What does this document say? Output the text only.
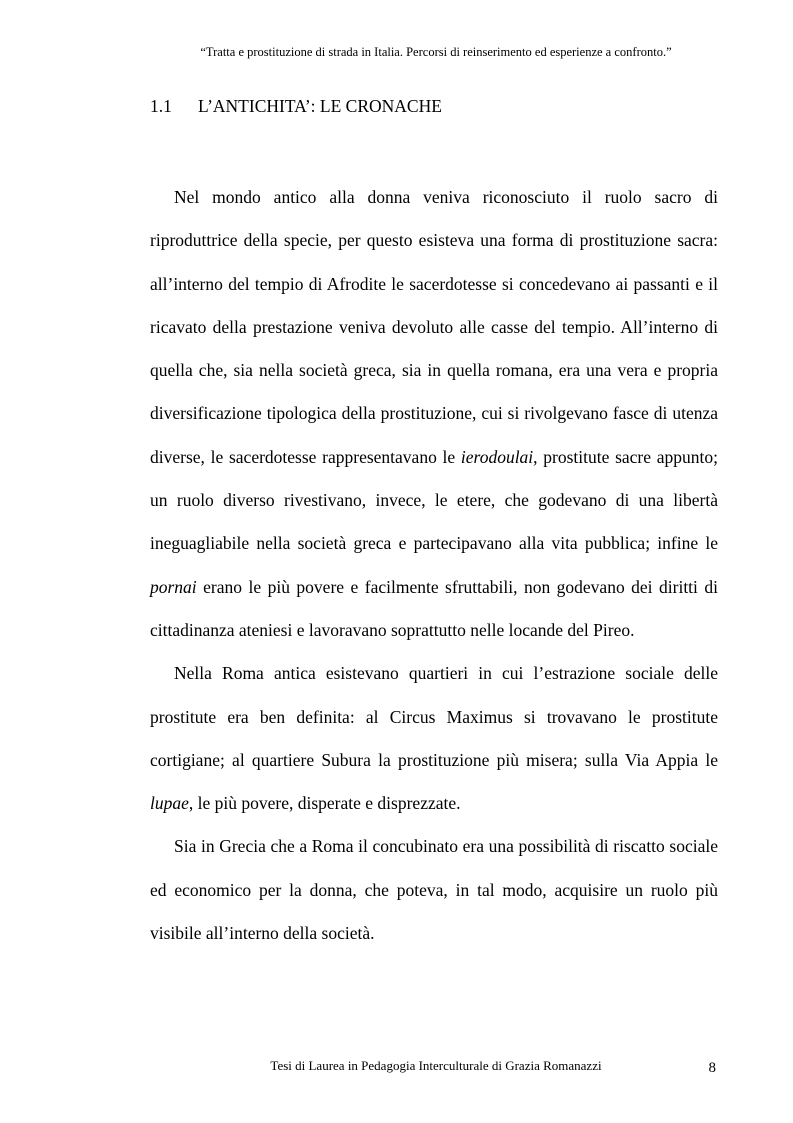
“Tratta e prostituzione di strada in Italia. Percorsi di reinserimento ed esperienze a confronto.”
1.1 L’ANTICHITA’: LE CRONACHE

Nel mondo antico alla donna veniva riconosciuto il ruolo sacro di riproduttrice della specie, per questo esisteva una forma di prostituzione sacra: all’interno del tempio di Afrodite le sacerdotesse si concedevano ai passanti e il ricavato della prestazione veniva devoluto alle casse del tempio. All’interno di quella che, sia nella società greca, sia in quella romana, era una vera e propria diversificazione tipologica della prostituzione, cui si rivolgevano fasce di utenza diverse, le sacerdotesse rappresentavano le ierodoulai, prostitute sacre appunto; un ruolo diverso rivestivano, invece, le etere, che godevano di una libertà ineguagliabile nella società greca e partecipavano alla vita pubblica; infine le pornai erano le più povere e facilmente sfruttabili, non godevano dei diritti di cittadinanza ateniesi e lavoravano soprattutto nelle locande del Pireo.

Nella Roma antica esistevano quartieri in cui l’estrazione sociale delle prostitute era ben definita: al Circus Maximus si trovavano le prostitute cortigiane; al quartiere Subura la prostituzione più misera; sulla Via Appia le lupae, le più povere, disperate e disprezzate.

Sia in Grecia che a Roma il concubinato era una possibilità di riscatto sociale ed economico per la donna, che poteva, in tal modo, acquisire un ruolo più visibile all’interno della società.

Tesi di Laurea in Pedagogia Interculturale di Grazia Romanazzi	8
